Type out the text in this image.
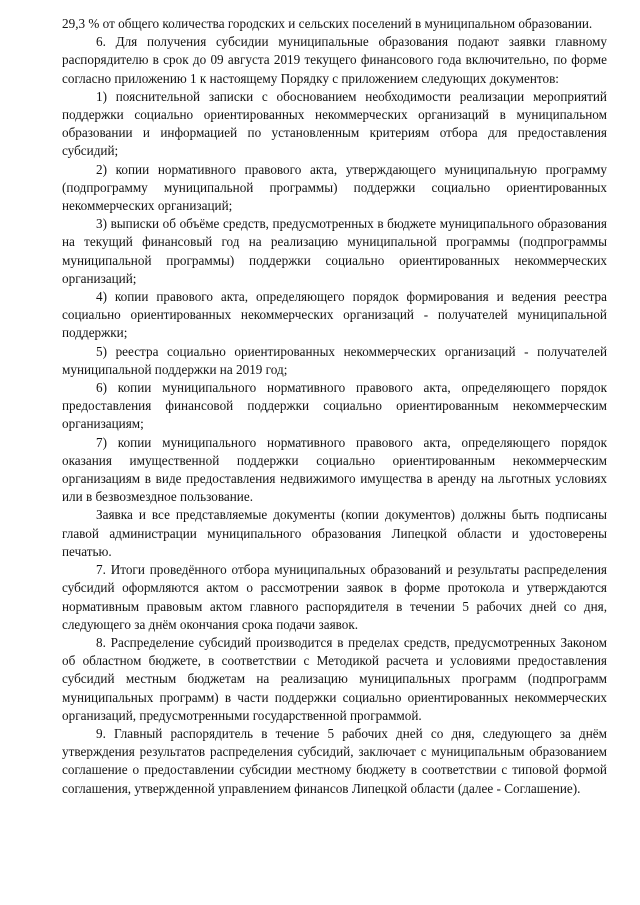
29,3 % от общего количества городских и сельских поселений в муниципальном образовании.

6. Для получения субсидии муниципальные образования подают заявки главному распорядителю в срок до 09 августа 2019 текущего финансового года включительно, по форме согласно приложению 1 к настоящему Порядку с приложением следующих документов:

1) пояснительной записки с обоснованием необходимости реализации мероприятий поддержки социально ориентированных некоммерческих организаций в муниципальном образовании и информацией по установленным критериям отбора для предоставления субсидий;

2) копии нормативного правового акта, утверждающего муниципальную программу (подпрограмму муниципальной программы) поддержки социально ориентированных некоммерческих организаций;

3) выписки об объёме средств, предусмотренных в бюджете муниципального образования на текущий финансовый год на реализацию муниципальной программы (подпрограммы муниципальной программы) поддержки социально ориентированных некоммерческих организаций;

4) копии правового акта, определяющего порядок формирования и ведения реестра социально ориентированных некоммерческих организаций - получателей муниципальной поддержки;

5) реестра социально ориентированных некоммерческих организаций - получателей муниципальной поддержки на 2019 год;

6) копии муниципального нормативного правового акта, определяющего порядок предоставления финансовой поддержки социально ориентированным некоммерческим организациям;

7) копии муниципального нормативного правового акта, определяющего порядок оказания имущественной поддержки социально ориентированным некоммерческим организациям в виде предоставления недвижимого имущества в аренду на льготных условиях или в безвозмездное пользование.

Заявка и все представляемые документы (копии документов) должны быть подписаны главой администрации муниципального образования Липецкой области и удостоверены печатью.

7. Итоги проведённого отбора муниципальных образований и результаты распределения субсидий оформляются актом о рассмотрении заявок в форме протокола и утверждаются нормативным правовым актом главного распорядителя в течении 5 рабочих дней со дня, следующего за днём окончания срока подачи заявок.

8. Распределение субсидий производится в пределах средств, предусмотренных Законом об областном бюджете, в соответствии с Методикой расчета и условиями предоставления субсидий местным бюджетам на реализацию муниципальных программ (подпрограмм муниципальных программ) в части поддержки социально ориентированных некоммерческих организаций, предусмотренными государственной программой.

9. Главный распорядитель в течение 5 рабочих дней со дня, следующего за днём утверждения результатов распределения субсидий, заключает с муниципальным образованием соглашение о предоставлении субсидии местному бюджету в соответствии с типовой формой соглашения, утвержденной управлением финансов Липецкой области (далее - Соглашение).
